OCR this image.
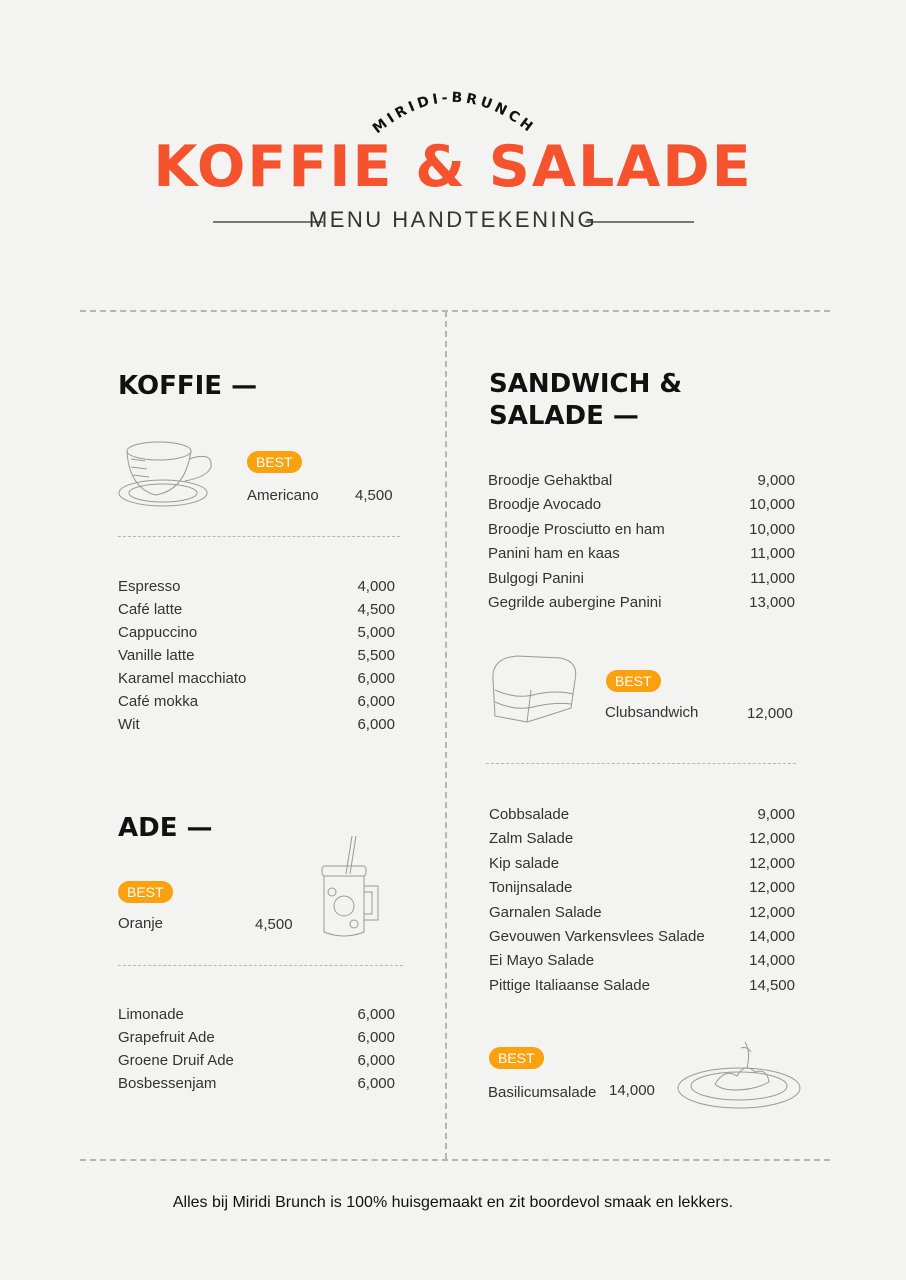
MIRIDI-BRUNCH
KOFFIE & SALADE
MENU HANDTEKENING
KOFFIE —
BEST
Americano 4,500
Espresso	4,000
Café latte	4,500
Cappuccino	5,000
Vanille latte	5,500
Karamel macchiato	6,000
Café mokka	6,000
Wit	6,000
ADE —
BEST
Oranje	4,500
Limonade	6,000
Grapefruit Ade	6,000
Groene Druif Ade	6,000
Bosbessenjam	6,000
SANDWICH &
SALADE —
Broodje Gehaktbal	9,000
Broodje Avocado	10,000
Broodje Prosciutto en ham	10,000
Panini ham en kaas	11,000
Bulgogi Panini	11,000
Gegrilde aubergine Panini	13,000
BEST
Clubsandwich	12,000
Cobbsalade	9,000
Zalm Salade	12,000
Kip salade	12,000
Tonijnsalade	12,000
Garnalen Salade	12,000
Gevouwen Varkensvlees Salade	14,000
Ei Mayo Salade	14,000
Pittige Italiaanse Salade	14,500
BEST
Basilicumsalade 14,000
Alles bij Miridi Brunch is 100% huisgemaakt en zit boordevol smaak en lekkers.
